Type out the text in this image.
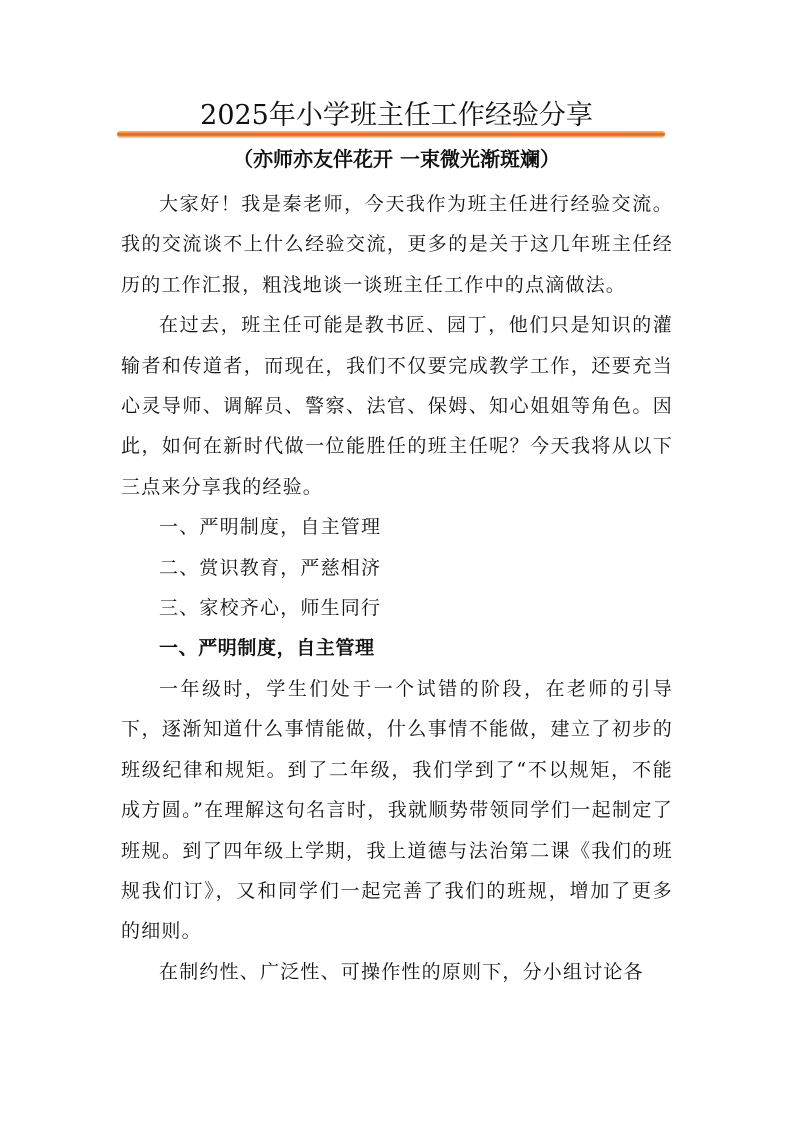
2025年小学班主任工作经验分享
（亦师亦友伴花开 一束微光渐斑斓）

大家好！我是秦老师，今天我作为班主任进行经验交流。我的交流谈不上什么经验交流，更多的是关于这几年班主任经历的工作汇报，粗浅地谈一谈班主任工作中的点滴做法。

在过去，班主任可能是教书匠、园丁，他们只是知识的灌输者和传道者，而现在，我们不仅要完成教学工作，还要充当心灵导师、调解员、警察、法官、保姆、知心姐姐等角色。因此，如何在新时代做一位能胜任的班主任呢？今天我将从以下三点来分享我的经验。

一、严明制度，自主管理

二、赏识教育，严慈相济

三、家校齐心，师生同行

一、严明制度，自主管理

一年级时，学生们处于一个试错的阶段，在老师的引导下，逐渐知道什么事情能做，什么事情不能做，建立了初步的班级纪律和规矩。到了二年级，我们学到了“不以规矩，不能成方圆。”在理解这句名言时，我就顺势带领同学们一起制定了班规。到了四年级上学期，我上道德与法治第二课《我们的班规我们订》，又和同学们一起完善了我们的班规，增加了更多的细则。

在制约性、广泛性、可操作性的原则下，分小组讨论各
